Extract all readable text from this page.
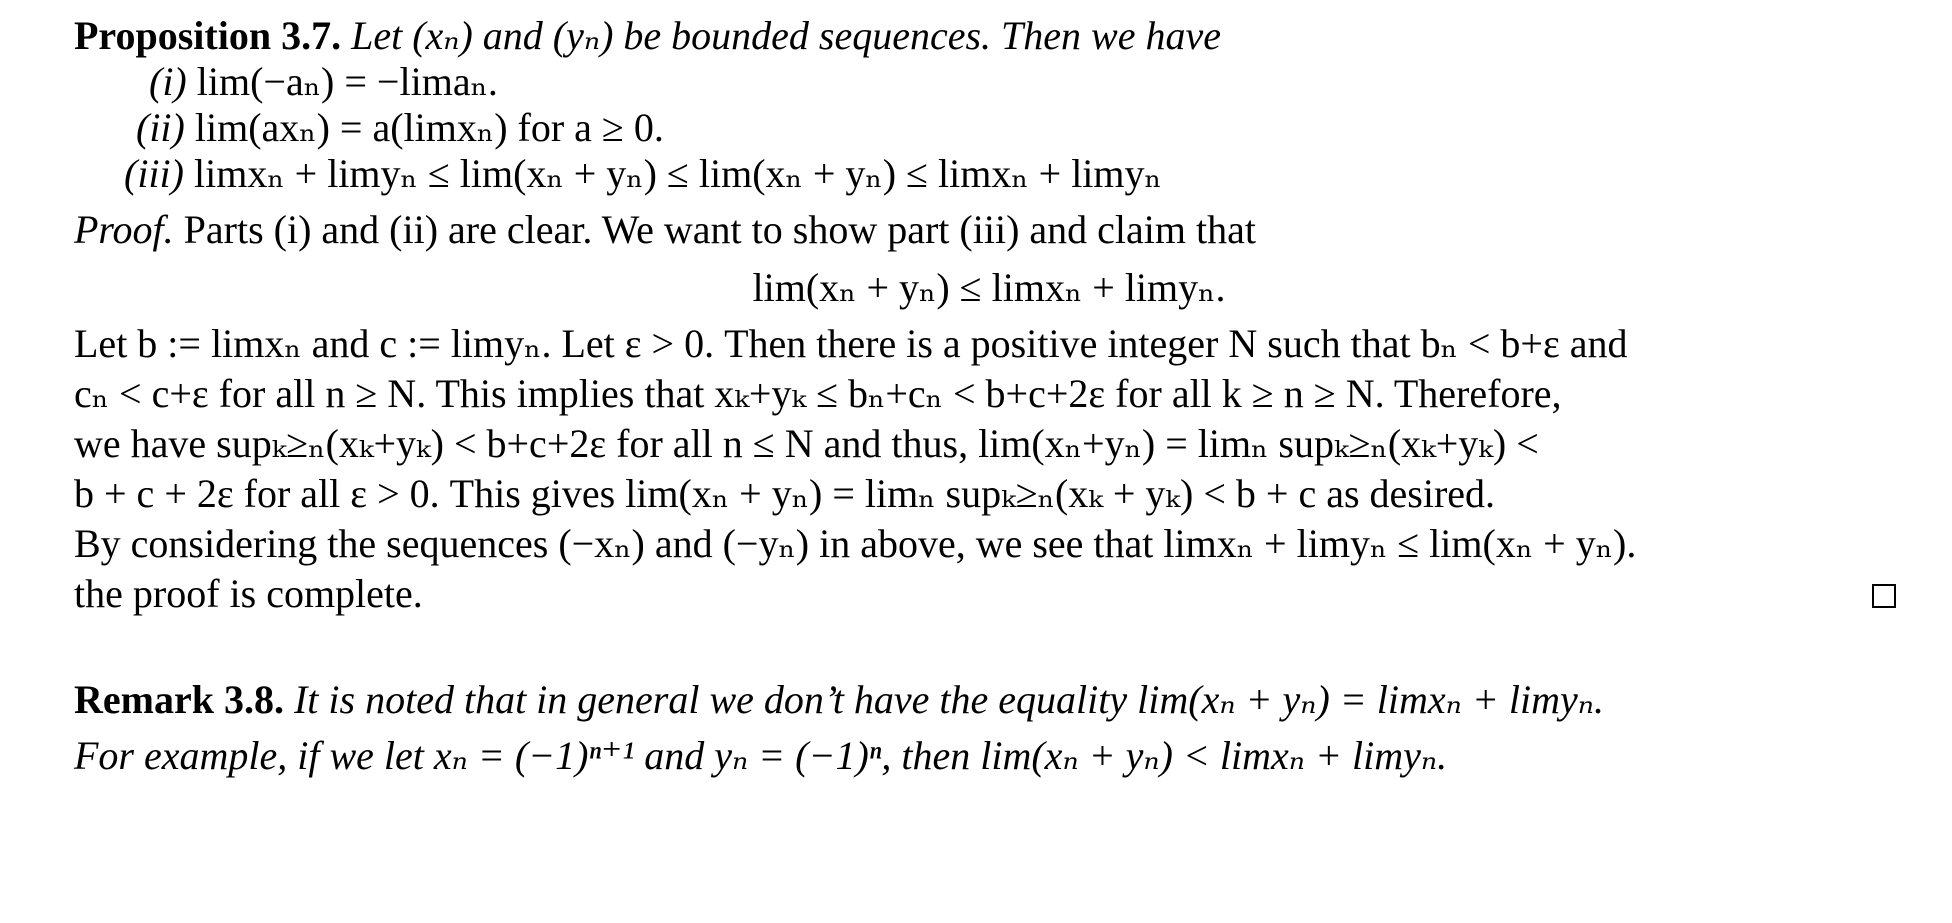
Proposition 3.7. Let (xₙ) and (yₙ) be bounded sequences. Then we have
(i) lim(−aₙ) = −limaₙ.
(ii) lim(axₙ) = a(limxₙ) for a ≥ 0.
(iii) limxₙ + limyₙ ≤ lim(xₙ + yₙ) ≤ lim(xₙ + yₙ) ≤ limxₙ + limyₙ
Proof. Parts (i) and (ii) are clear. We want to show part (iii) and claim that
lim(xₙ + yₙ) ≤ limxₙ + limyₙ.
Let b := limxₙ and c := limyₙ. Let ε > 0. Then there is a positive integer N such that bₙ < b+ε and
cₙ < c+ε for all n ≥ N. This implies that xₖ+yₖ ≤ bₙ+cₙ < b+c+2ε for all k ≥ n ≥ N. Therefore,
we have supₖ≥ₙ(xₖ+yₖ) < b+c+2ε for all n ≤ N and thus, lim(xₙ+yₙ) = limₙ supₖ≥ₙ(xₖ+yₖ) <
b + c + 2ε for all ε > 0. This gives lim(xₙ + yₙ) = limₙ supₖ≥ₙ(xₖ + yₖ) < b + c as desired.
By considering the sequences (−xₙ) and (−yₙ) in above, we see that limxₙ + limyₙ ≤ lim(xₙ + yₙ).
the proof is complete.
Remark 3.8. It is noted that in general we don’t have the equality lim(xₙ + yₙ) = limxₙ + limyₙ.
For example, if we let xₙ = (−1)ⁿ⁺¹ and yₙ = (−1)ⁿ, then lim(xₙ + yₙ) < limxₙ + limyₙ.
